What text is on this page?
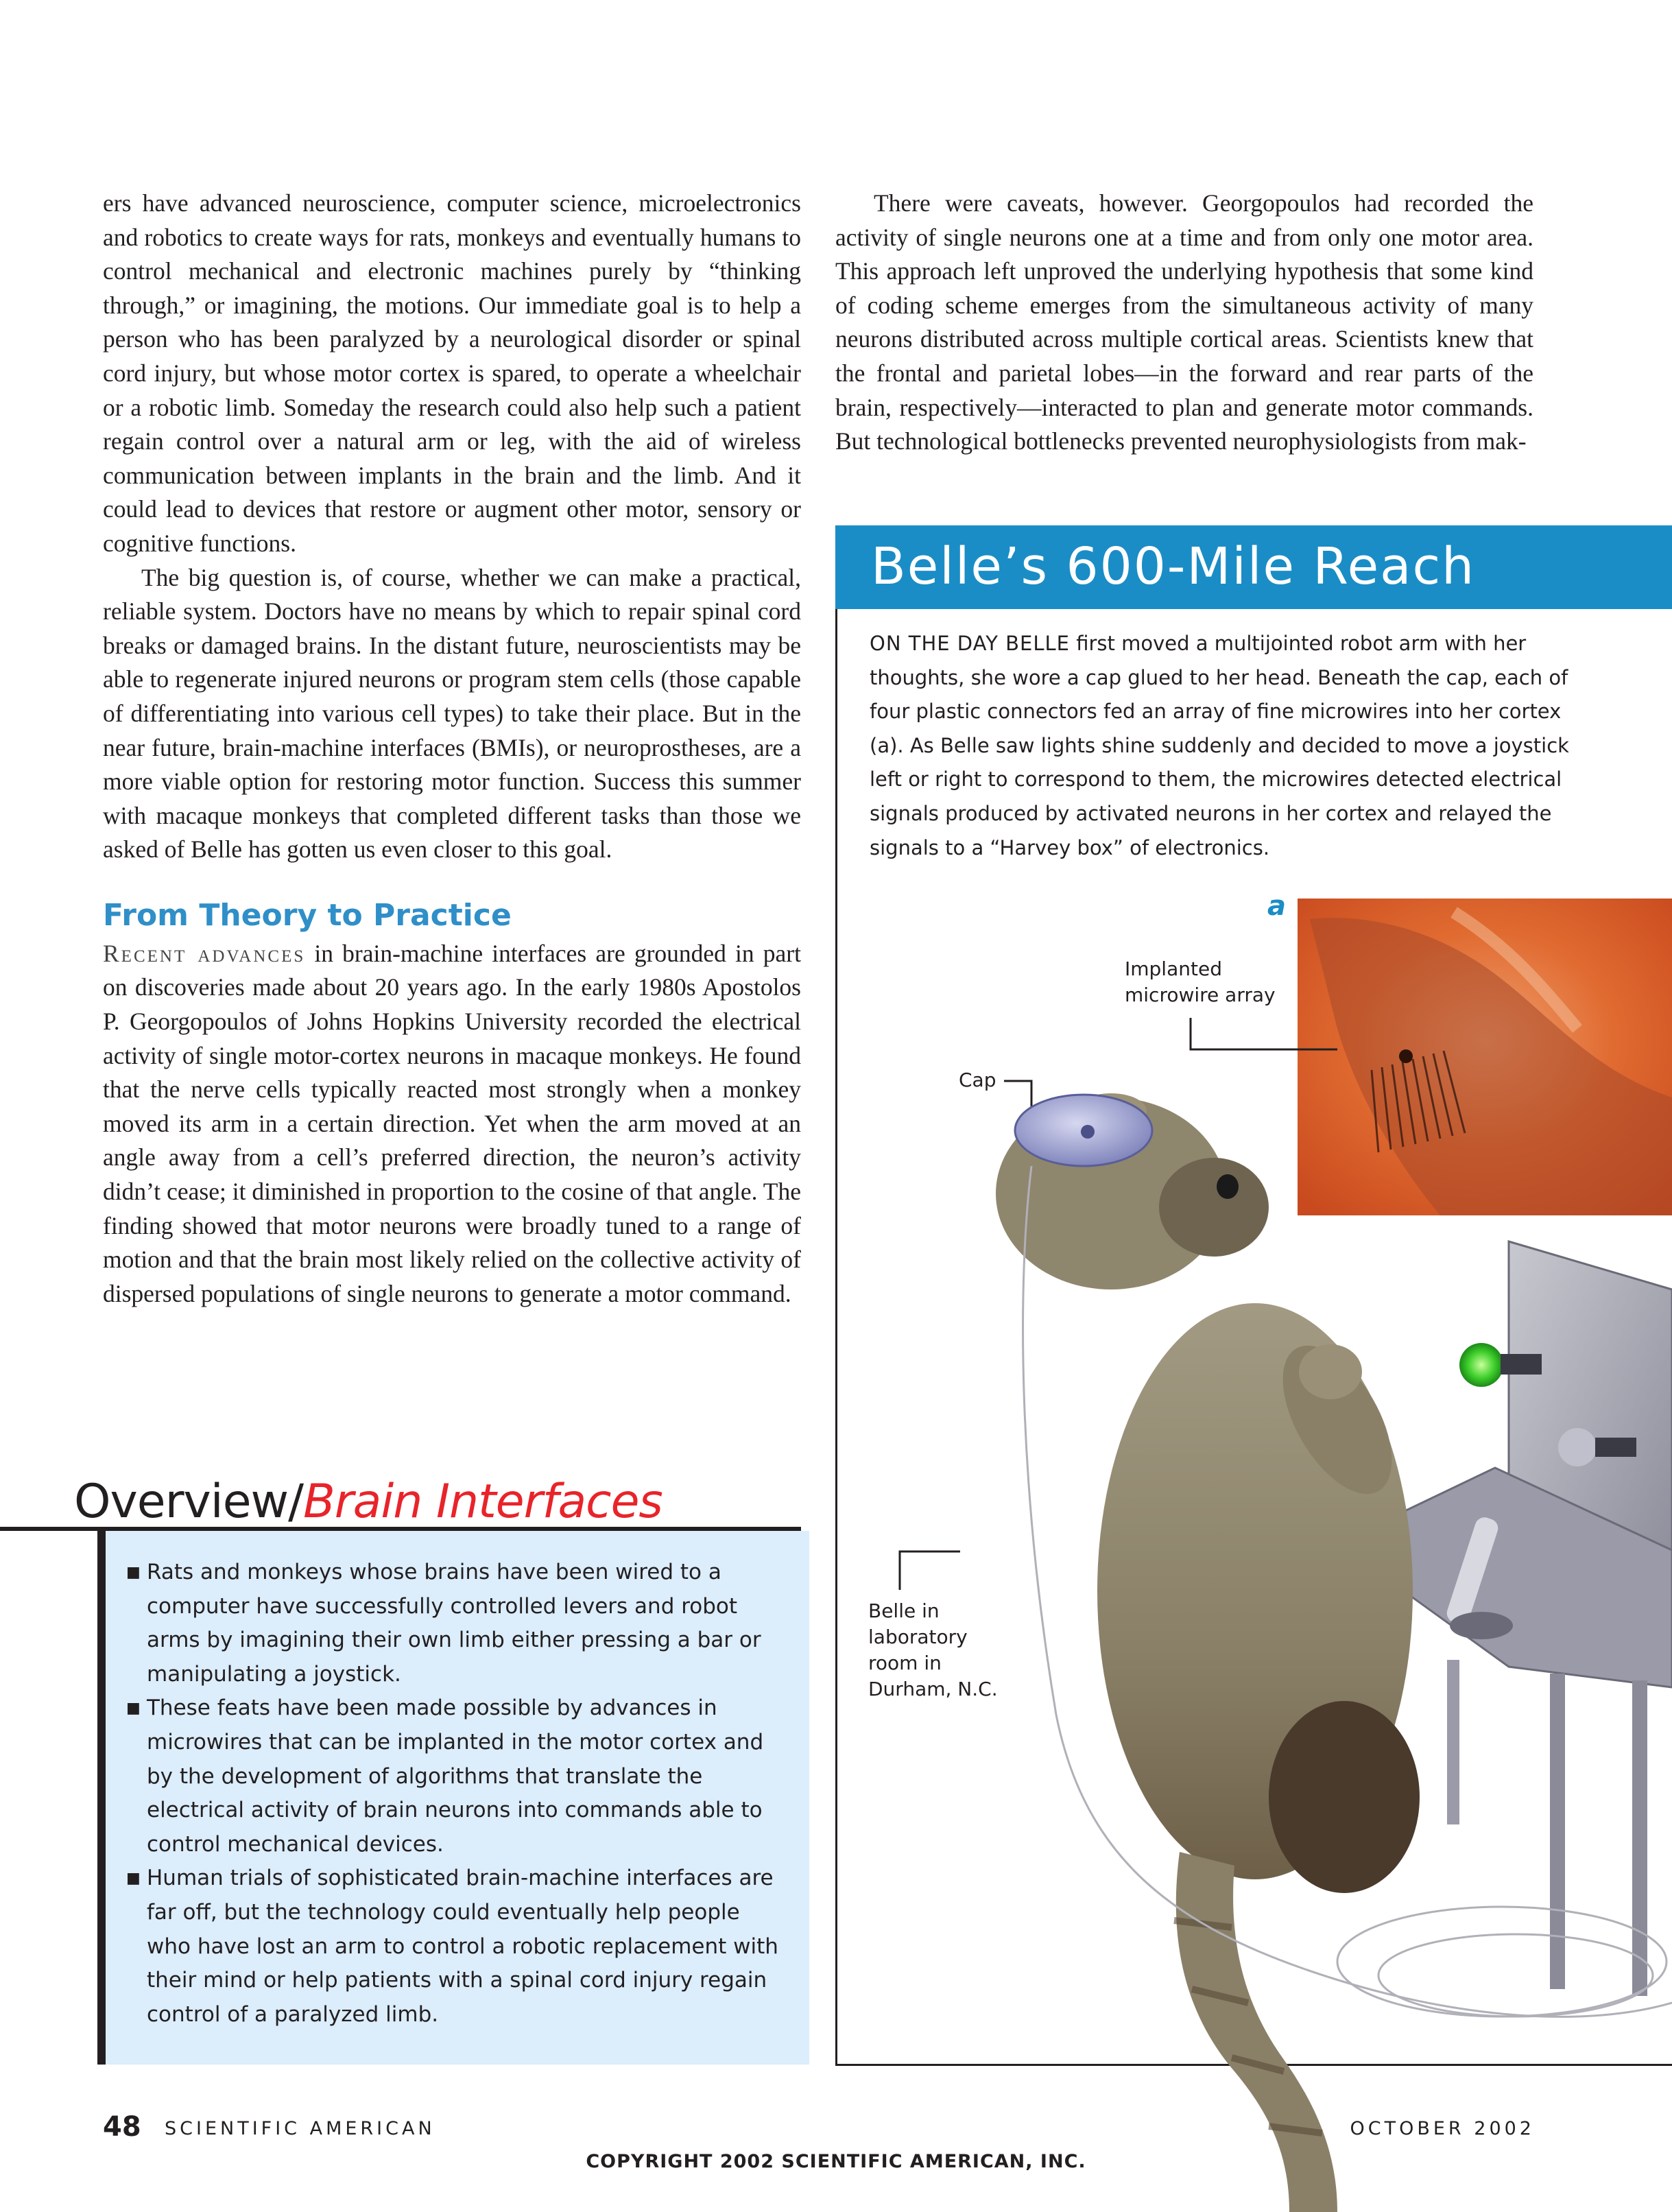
ers have advanced neuroscience, computer science, microelectronics and robotics to create ways for rats, monkeys and eventually humans to control mechanical and electronic machines purely by “thinking through,” or imagining, the motions. Our immediate goal is to help a person who has been paralyzed by a neurological disorder or spinal cord injury, but whose motor cortex is spared, to operate a wheelchair or a robotic limb. Someday the research could also help such a patient regain control over a natural arm or leg, with the aid of wireless communication between implants in the brain and the limb. And it could lead to devices that restore or augment other motor, sensory or cognitive functions.

The big question is, of course, whether we can make a practical, reliable system. Doctors have no means by which to repair spinal cord breaks or damaged brains. In the distant future, neuroscientists may be able to regenerate injured neurons or program stem cells (those capable of differentiating into various cell types) to take their place. But in the near future, brain-machine interfaces (BMIs), or neuroprostheses, are a more viable option for restoring motor function. Success this summer with macaque monkeys that completed different tasks than those we asked of Belle has gotten us even closer to this goal.

From Theory to Practice

Recent advances in brain-machine interfaces are grounded in part on discoveries made about 20 years ago. In the early 1980s Apostolos P. Georgopoulos of Johns Hopkins University recorded the electrical activity of single motor-cortex neurons in macaque monkeys. He found that the nerve cells typically reacted most strongly when a monkey moved its arm in a certain direction. Yet when the arm moved at an angle away from a cell’s preferred direction, the neuron’s activity didn’t cease; it diminished in proportion to the cosine of that angle. The finding showed that motor neurons were broadly tuned to a range of motion and that the brain most likely relied on the collective activity of dispersed populations of single neurons to generate a motor command.

There were caveats, however. Georgopoulos had recorded the activity of single neurons one at a time and from only one motor area. This approach left unproved the underlying hypothesis that some kind of coding scheme emerges from the simultaneous activity of many neurons distributed across multiple cortical areas. Scientists knew that the frontal and parietal lobes—in the forward and rear parts of the brain, respectively—interacted to plan and generate motor commands. But technological bottlenecks prevented neurophysiologists from mak-

Overview/Brain Interfaces
■ Rats and monkeys whose brains have been wired to a computer have successfully controlled levers and robot arms by imagining their own limb either pressing a bar or manipulating a joystick.
■ These feats have been made possible by advances in microwires that can be implanted in the motor cortex and by the development of algorithms that translate the electrical activity of brain neurons into commands able to control mechanical devices.
■ Human trials of sophisticated brain-machine interfaces are far off, but the technology could eventually help people who have lost an arm to control a robotic replacement with their mind or help patients with a spinal cord injury regain control of a paralyzed limb.
Belle’s 600-Mile Reach
ON THE DAY BELLE first moved a multijointed robot arm with her thoughts, she wore a cap glued to her head. Beneath the cap, each of four plastic connectors fed an array of fine microwires into her cortex (a). As Belle saw lights shine suddenly and decided to move a joystick left or right to correspond to them, the microwires detected electrical signals produced by activated neurons in her cortex and relayed the signals to a “Harvey box” of electronics.
a
Implanted
microwire array
Cap
Belle in
laboratory
room in
Durham, N.C.
48 SCIENTIFIC AMERICAN	OCTOBER 2002
COPYRIGHT 2002 SCIENTIFIC AMERICAN, INC.
